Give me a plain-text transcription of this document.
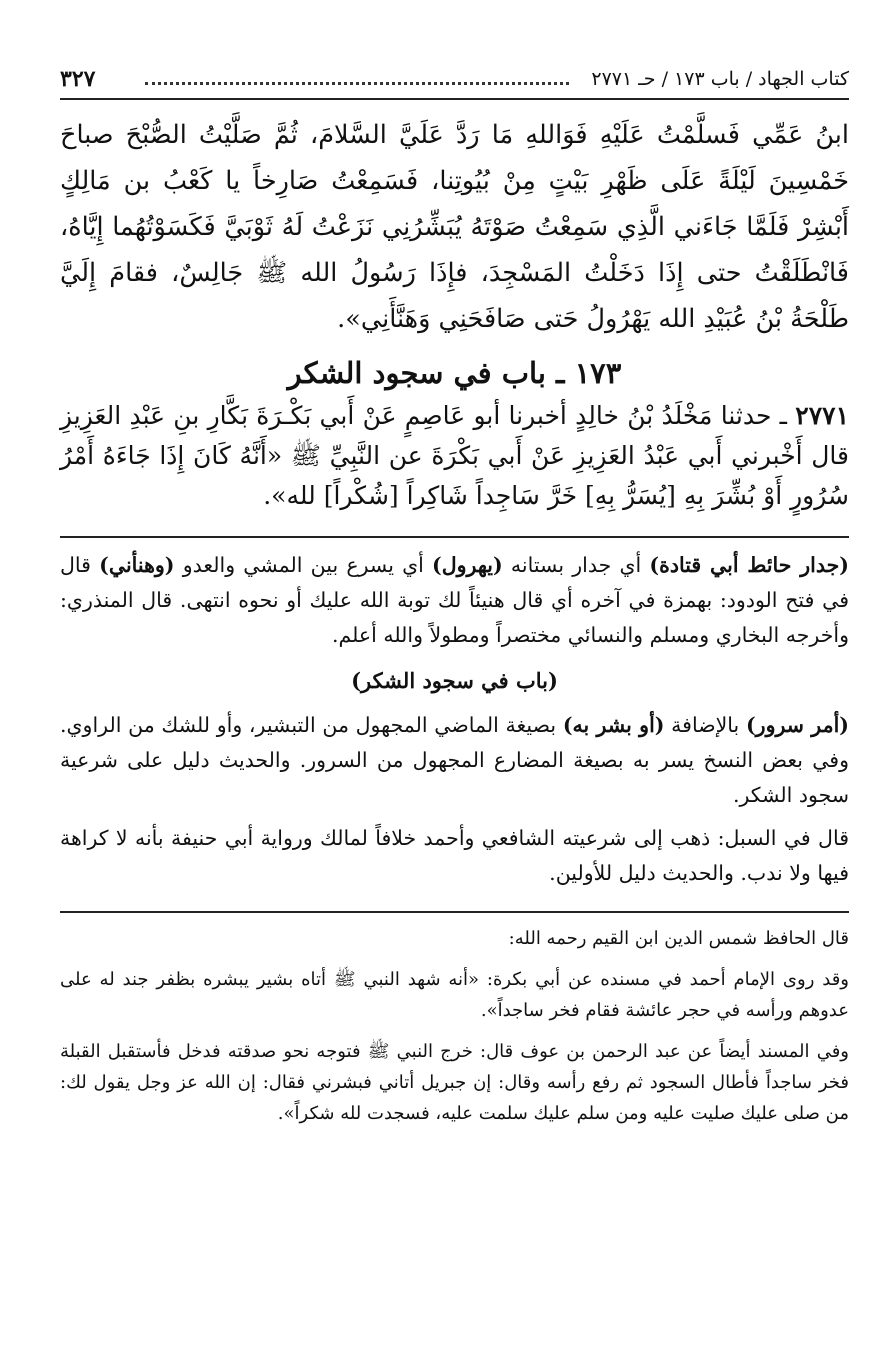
كتاب الجهاد / باب ١٧٣ / حـ ٢٧٧١
٣٢٧

ابنُ عَمِّي فَسلَّمْتُ عَلَيْهِ فَوَاللهِ مَا رَدَّ عَلَيَّ السَّلامَ، ثُمَّ صَلَّيْتُ الصُّبْحَ صباحَ خَمْسِينَ لَيْلَةً عَلَى ظَهْرِ بَيْتٍ مِنْ بُيُوتِنا، فَسَمِعْتُ صَارِخاً يا كَعْبُ بن مَالِكٍ أَبْشِرْ فَلَمَّا جَاءَني الَّذِي سَمِعْتُ صَوْتَهُ يُبَشِّرُنِي نَزَعْتُ لَهُ ثَوْبَيَّ فَكَسَوْتُهُما إِيَّاهُ، فَانْطَلَقْتُ حتى إِذَا دَخَلْتُ المَسْجِدَ، فإِذَا رَسُولُ الله ﷺ جَالِسٌ، فقامَ إِلَيَّ طَلْحَةُ بْنُ عُبَيْدِ الله يَهْرُولُ حَتى صَافَحَنِي وَهَنَّأَنِي».

١٧٣ ـ باب في سجود الشكر

٢٧٧١ ـ حدثنا مَخْلَدُ بْنُ خالِدٍ أخبرنا أبو عَاصِمٍ عَنْ أَبي بَكْـرَةَ بَكَّارِ بنِ عَبْدِ العَزِيزِ قال أَخْبرني أَبي عَبْدُ العَزِيزِ عَنْ أَبي بَكْرَةَ عن النَّبِيِّ ﷺ «أَنَّهُ كَانَ إِذَا جَاءَهُ أَمْرُ سُرُورٍ أَوْ بُشِّرَ بِهِ [يُسَرُّ بِهِ] خَرَّ سَاجِداً شَاكِراً [شُكْراً] لله».

(جدار حائط أبي قتادة) أي جدار بستانه (يهرول) أي يسرع بين المشي والعدو (وهنأني) قال في فتح الودود: بهمزة في آخره أي قال هنيئاً لك توبة الله عليك أو نحوه انتهى. قال المنذري: وأخرجه البخاري ومسلم والنسائي مختصراً ومطولاً والله أعلم.

(باب في سجود الشكر)

(أمر سرور) بالإضافة (أو بشر به) بصيغة الماضي المجهول من التبشير، وأو للشك من الراوي. وفي بعض النسخ يسر به بصيغة المضارع المجهول من السرور. والحديث دليل على شرعية سجود الشكر.

قال في السبل: ذهب إلى شرعيته الشافعي وأحمد خلافاً لمالك ورواية أبي حنيفة بأنه لا كراهة فيها ولا ندب. والحديث دليل للأولين.

قال الحافظ شمس الدين ابن القيم رحمه الله:

وقد روى الإمام أحمد في مسنده عن أبي بكرة: «أنه شهد النبي ﷺ أتاه بشير يبشره بظفر جند له على عدوهم ورأسه في حجر عائشة فقام فخر ساجداً».

وفي المسند أيضاً عن عبد الرحمن بن عوف قال: خرج النبي ﷺ فتوجه نحو صدقته فدخل فأستقبل القبلة فخر ساجداً فأطال السجود ثم رفع رأسه وقال: إن جبريل أتاني فبشرني فقال: إن الله عز وجل يقول لك: من صلى عليك صليت عليه ومن سلم عليك سلمت عليه، فسجدت لله شكراً».
